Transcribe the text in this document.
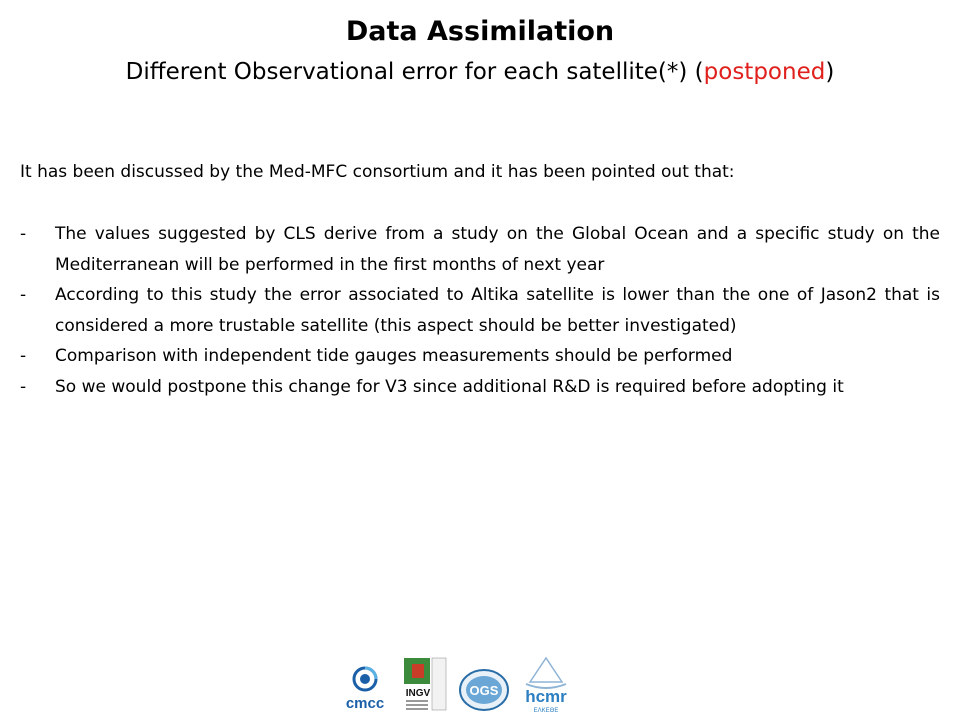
Data Assimilation
Different Observational error for each satellite(*) (postponed)
It has been discussed by the Med-MFC consortium and it has been pointed out that:
- The values suggested by CLS derive from a study on the Global Ocean and a specific study on the Mediterranean will be performed in the first months of next year
- According to this study the error associated to Altika satellite is lower than the one of Jason2 that is considered a more trustable satellite (this aspect should be better investigated)
- Comparison with independent tide gauges measurements should be performed
- So we would postpone this change for V3 since additional R&D is required before adopting it
cmcc
INGV	OGS hcmr
ΕΛΚΕΘΕ
